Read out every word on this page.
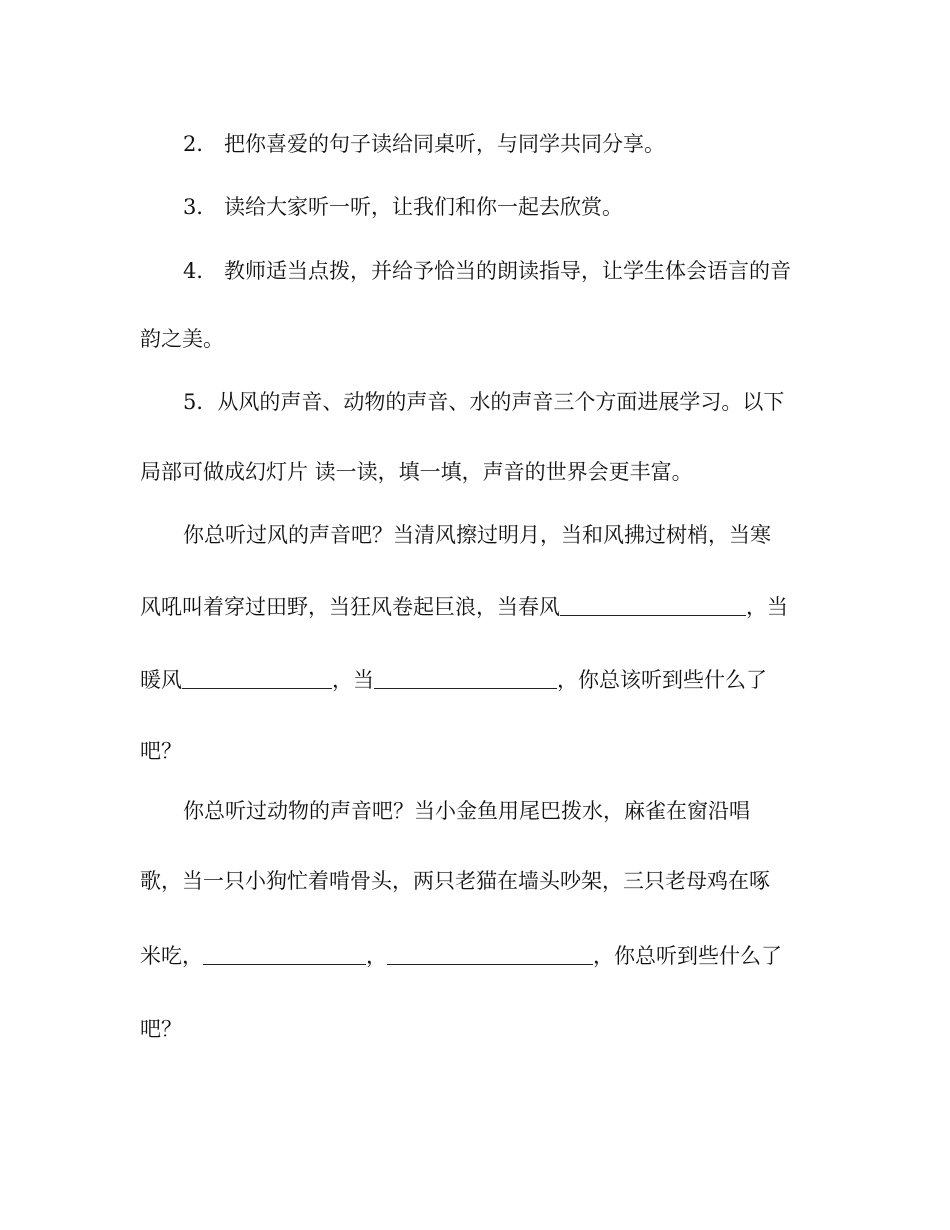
2． 把你喜爱的句子读给同桌听，与同学共同分享。
3． 读给大家听一听，让我们和你一起去欣赏。
4． 教师适当点拨，并给予恰当的朗读指导，让学生体会语言的音
韵之美。
5．从风的声音、动物的声音、水的声音三个方面进展学习。以下
局部可做成幻灯片 读一读，填一填，声音的世界会更丰富。
你总听过风的声音吧？当清风擦过明月，当和风拂过树梢，当寒
风吼叫着穿过田野，当狂风卷起巨浪，当春风	，当
暖风	，当	，你总该听到些什么了
吧？
你总听过动物的声音吧？当小金鱼用尾巴拨水，麻雀在窗沿唱
歌，当一只小狗忙着啃骨头，两只老猫在墙头吵架，三只老母鸡在啄
米吃，	，	，你总听到些什么了
吧？
